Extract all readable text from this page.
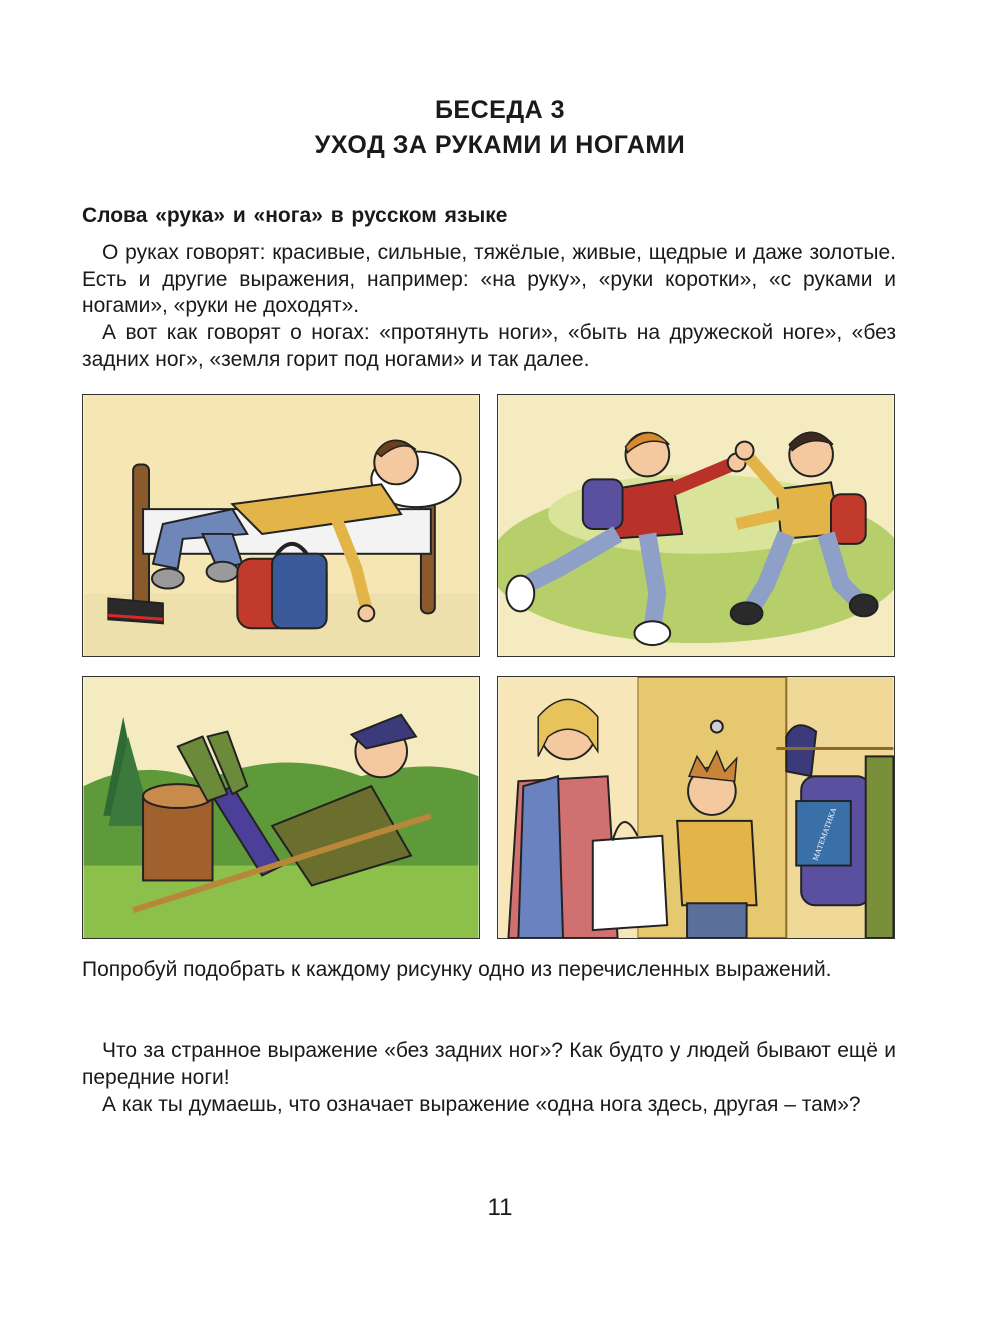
БЕСЕДА 3
УХОД ЗА РУКАМИ И НОГАМИ
Слова «рука» и «нога» в русском языке

О руках говорят: красивые, сильные, тяжёлые, живые, щедрые и даже золотые. Есть и другие выражения, например: «на руку», «руки коротки», «с руками и ногами», «руки не доходят».

А вот как говорят о ногах: «протянуть ноги», «быть на дружеской ноге», «без задних ног», «земля горит под ногами» и так далее.

МАТЕМАТИКА

Попробуй подобрать к каждому рисунку одно из перечисленных выражений.

Что за странное выражение «без задних ног»? Как будто у людей бывают ещё и передние ноги!

А как ты думаешь, что означает выражение «одна нога здесь, другая – там»?

11
